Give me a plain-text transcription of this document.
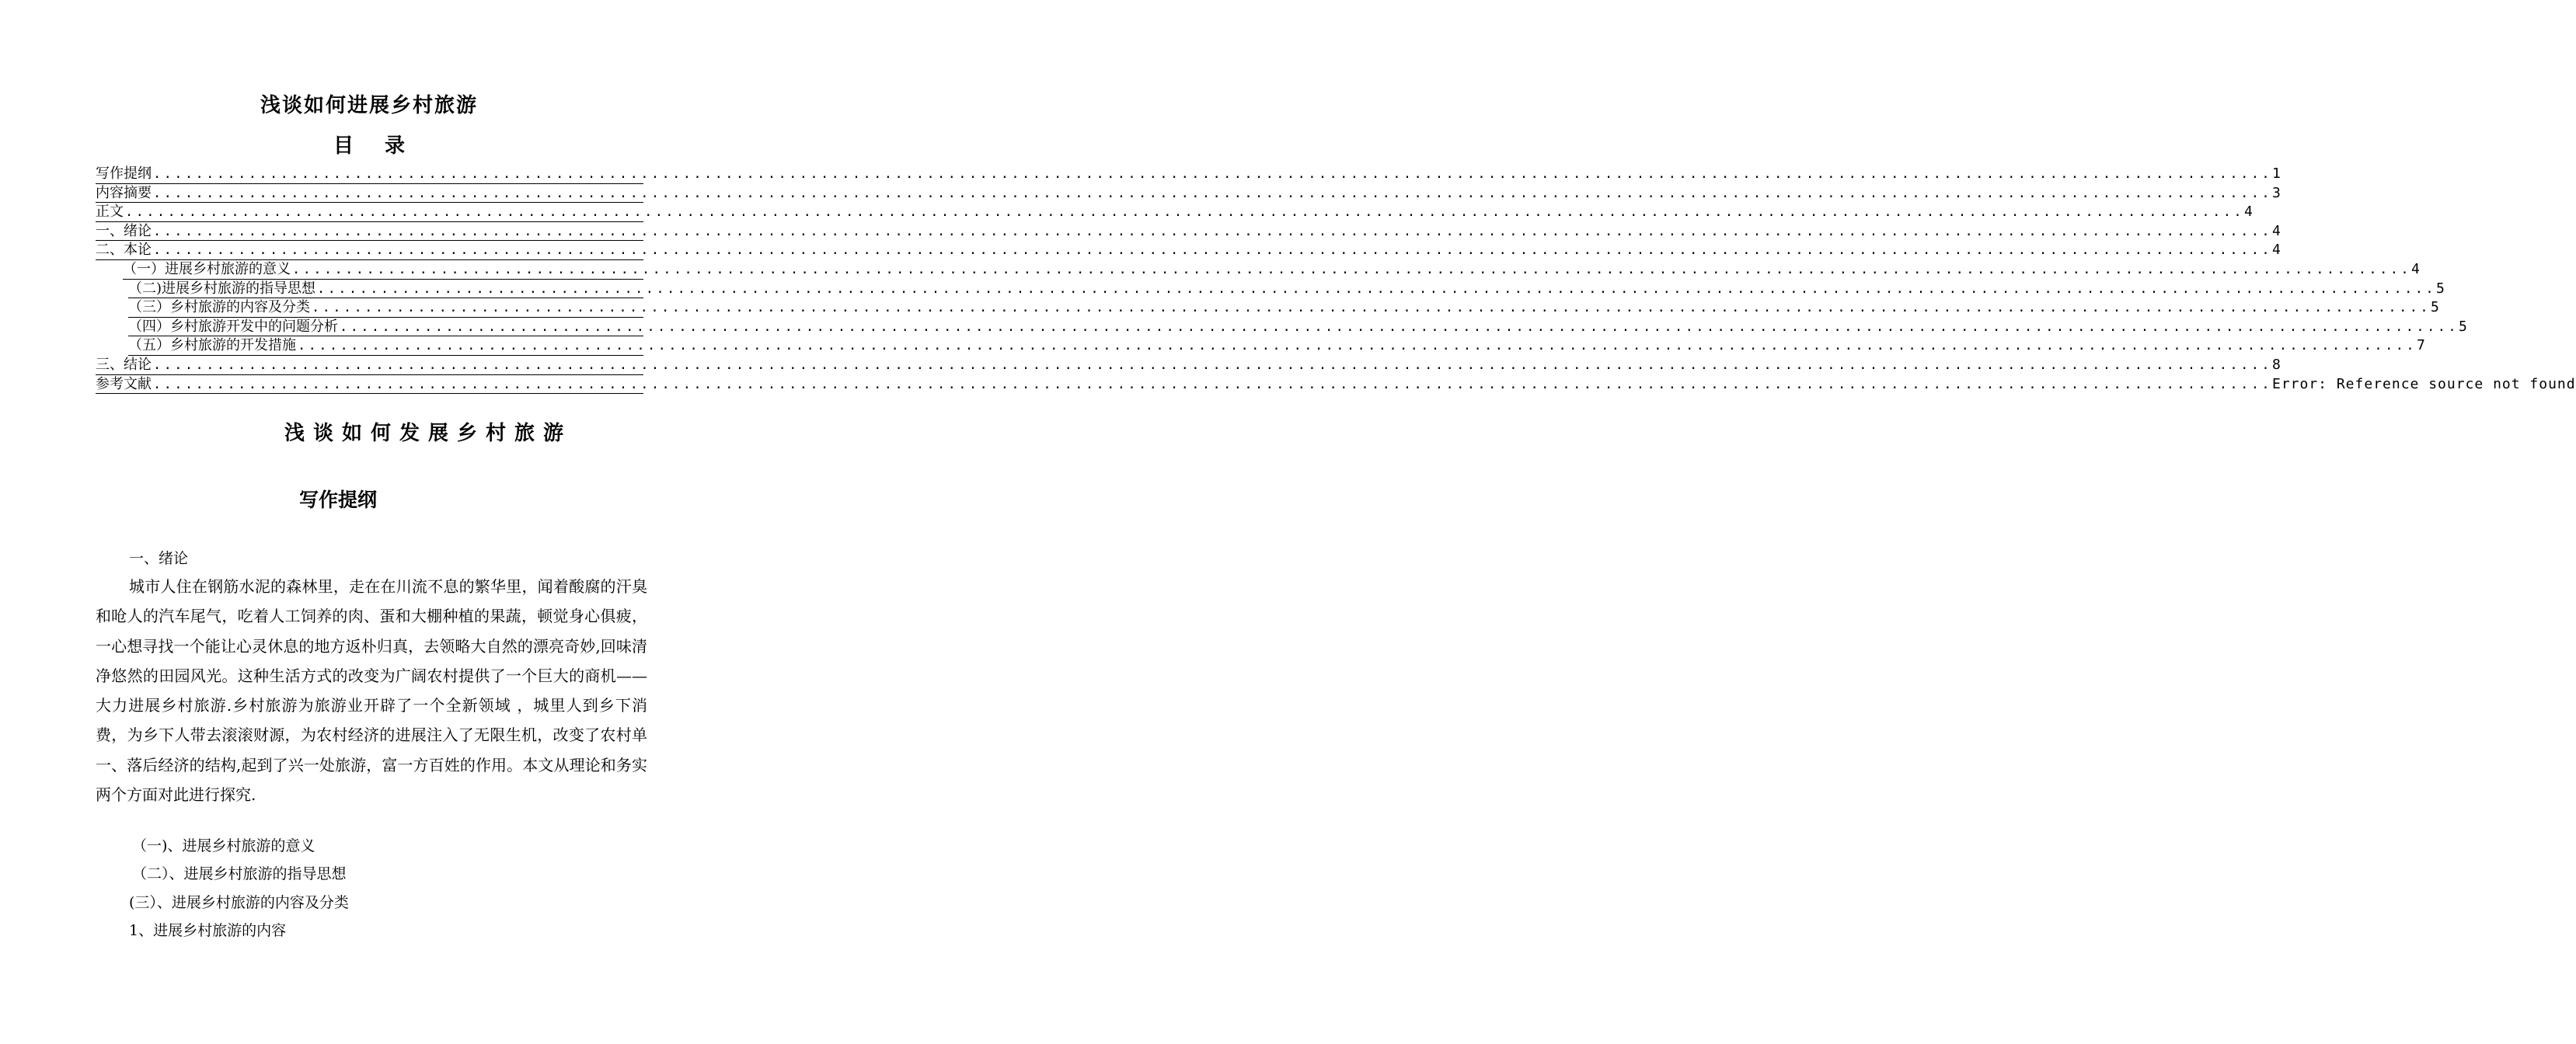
浅谈如何进展乡村旅游
目 录
写作提纲 ........................................................................................................................................................................................................ 1
内容摘要 ........................................................................................................................................................................................................ 3
正文 ........................................................................................................................................................................................................ 4
一、绪论 ........................................................................................................................................................................................................ 4
二、本论 ........................................................................................................................................................................................................ 4
（一）进展乡村旅游的意义 ........................................................................................................................................................................................................ 4
（二)进展乡村旅游的指导思想 ........................................................................................................................................................................................................ 5
（三）乡村旅游的内容及分类 ........................................................................................................................................................................................................ 5
（四）乡村旅游开发中的问题分析 ........................................................................................................................................................................................................ 5
（五）乡村旅游的开发措施 ........................................................................................................................................................................................................ 7
三、结论 ........................................................................................................................................................................................................ 8
参考文献 ........................................................................................................................................................................................................ Error: Reference source not found
浅谈如何发展乡村旅游
写作提纲
一、绪论
城市人住在钢筋水泥的森林里，走在在川流不息的繁华里，闻着酸腐的汗臭和呛人的汽车尾气，吃着人工饲养的肉、蛋和大棚种植的果蔬，顿觉身心俱疲，一心想寻找一个能让心灵休息的地方返朴归真，去领略大自然的漂亮奇妙,回味清净悠然的田园风光。这种生活方式的改变为广阔农村提供了一个巨大的商机——大力进展乡村旅游.乡村旅游为旅游业开辟了一个全新领域 ，城里人到乡下消费，为乡下人带去滚滚财源，为农村经济的进展注入了无限生机，改变了农村单一、落后经济的结构,起到了兴一处旅游，富一方百姓的作用。本文从理论和务实两个方面对此进行探究.
（一)、进展乡村旅游的意义
（二）、进展乡村旅游的指导思想
(三）、进展乡村旅游的内容及分类
1、进展乡村旅游的内容
